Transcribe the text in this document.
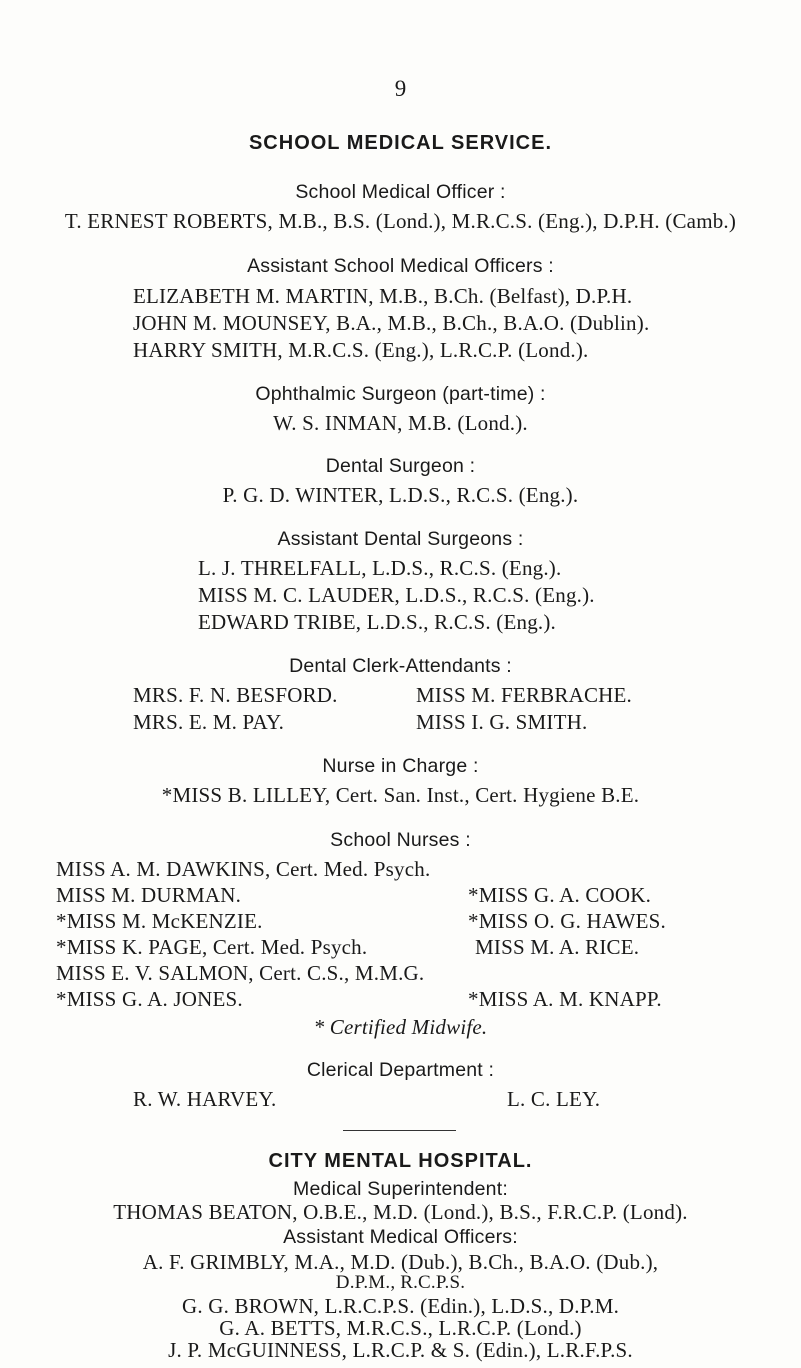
9
SCHOOL MEDICAL SERVICE.
School Medical Officer :
T. ERNEST ROBERTS, M.B., B.S. (Lond.), M.R.C.S. (Eng.), D.P.H. (Camb.)
Assistant School Medical Officers :
ELIZABETH M. MARTIN, M.B., B.Ch. (Belfast), D.P.H.
JOHN M. MOUNSEY, B.A., M.B., B.Ch., B.A.O. (Dublin).
HARRY SMITH, M.R.C.S. (Eng.), L.R.C.P. (Lond.).
Ophthalmic Surgeon (part-time) :
W. S. INMAN, M.B. (Lond.).
Dental Surgeon :
P. G. D. WINTER, L.D.S., R.C.S. (Eng.).
Assistant Dental Surgeons :
L. J. THRELFALL, L.D.S., R.C.S. (Eng.).
MISS M. C. LAUDER, L.D.S., R.C.S. (Eng.).
EDWARD TRIBE, L.D.S., R.C.S. (Eng.).
Dental Clerk-Attendants :
MRS. F. N. BESFORD.	MISS M. FERBRACHE.
MRS. E. M. PAY.	MISS I. G. SMITH.
Nurse in Charge :
*MISS B. LILLEY, Cert. San. Inst., Cert. Hygiene B.E.
School Nurses :
MISS A. M. DAWKINS, Cert. Med. Psych.
MISS M. DURMAN.	*MISS G. A. COOK.
*MISS M. McKENZIE.	*MISS O. G. HAWES.
*MISS K. PAGE, Cert. Med. Psych.	MISS M. A. RICE.
MISS E. V. SALMON, Cert. C.S., M.M.G.
*MISS G. A. JONES.	*MISS A. M. KNAPP.
* Certified Midwife.
Clerical Department :
R. W. HARVEY.	L. C. LEY.
CITY MENTAL HOSPITAL.
Medical Superintendent:
THOMAS BEATON, O.B.E., M.D. (Lond.), B.S., F.R.C.P. (Lond).
Assistant Medical Officers:
A. F. GRIMBLY, M.A., M.D. (Dub.), B.Ch., B.A.O. (Dub.),
D.P.M., R.C.P.S.
G. G. BROWN, L.R.C.P.S. (Edin.), L.D.S., D.P.M.
G. A. BETTS, M.R.C.S., L.R.C.P. (Lond.)
J. P. McGUINNESS, L.R.C.P. & S. (Edin.), L.R.F.P.S.
